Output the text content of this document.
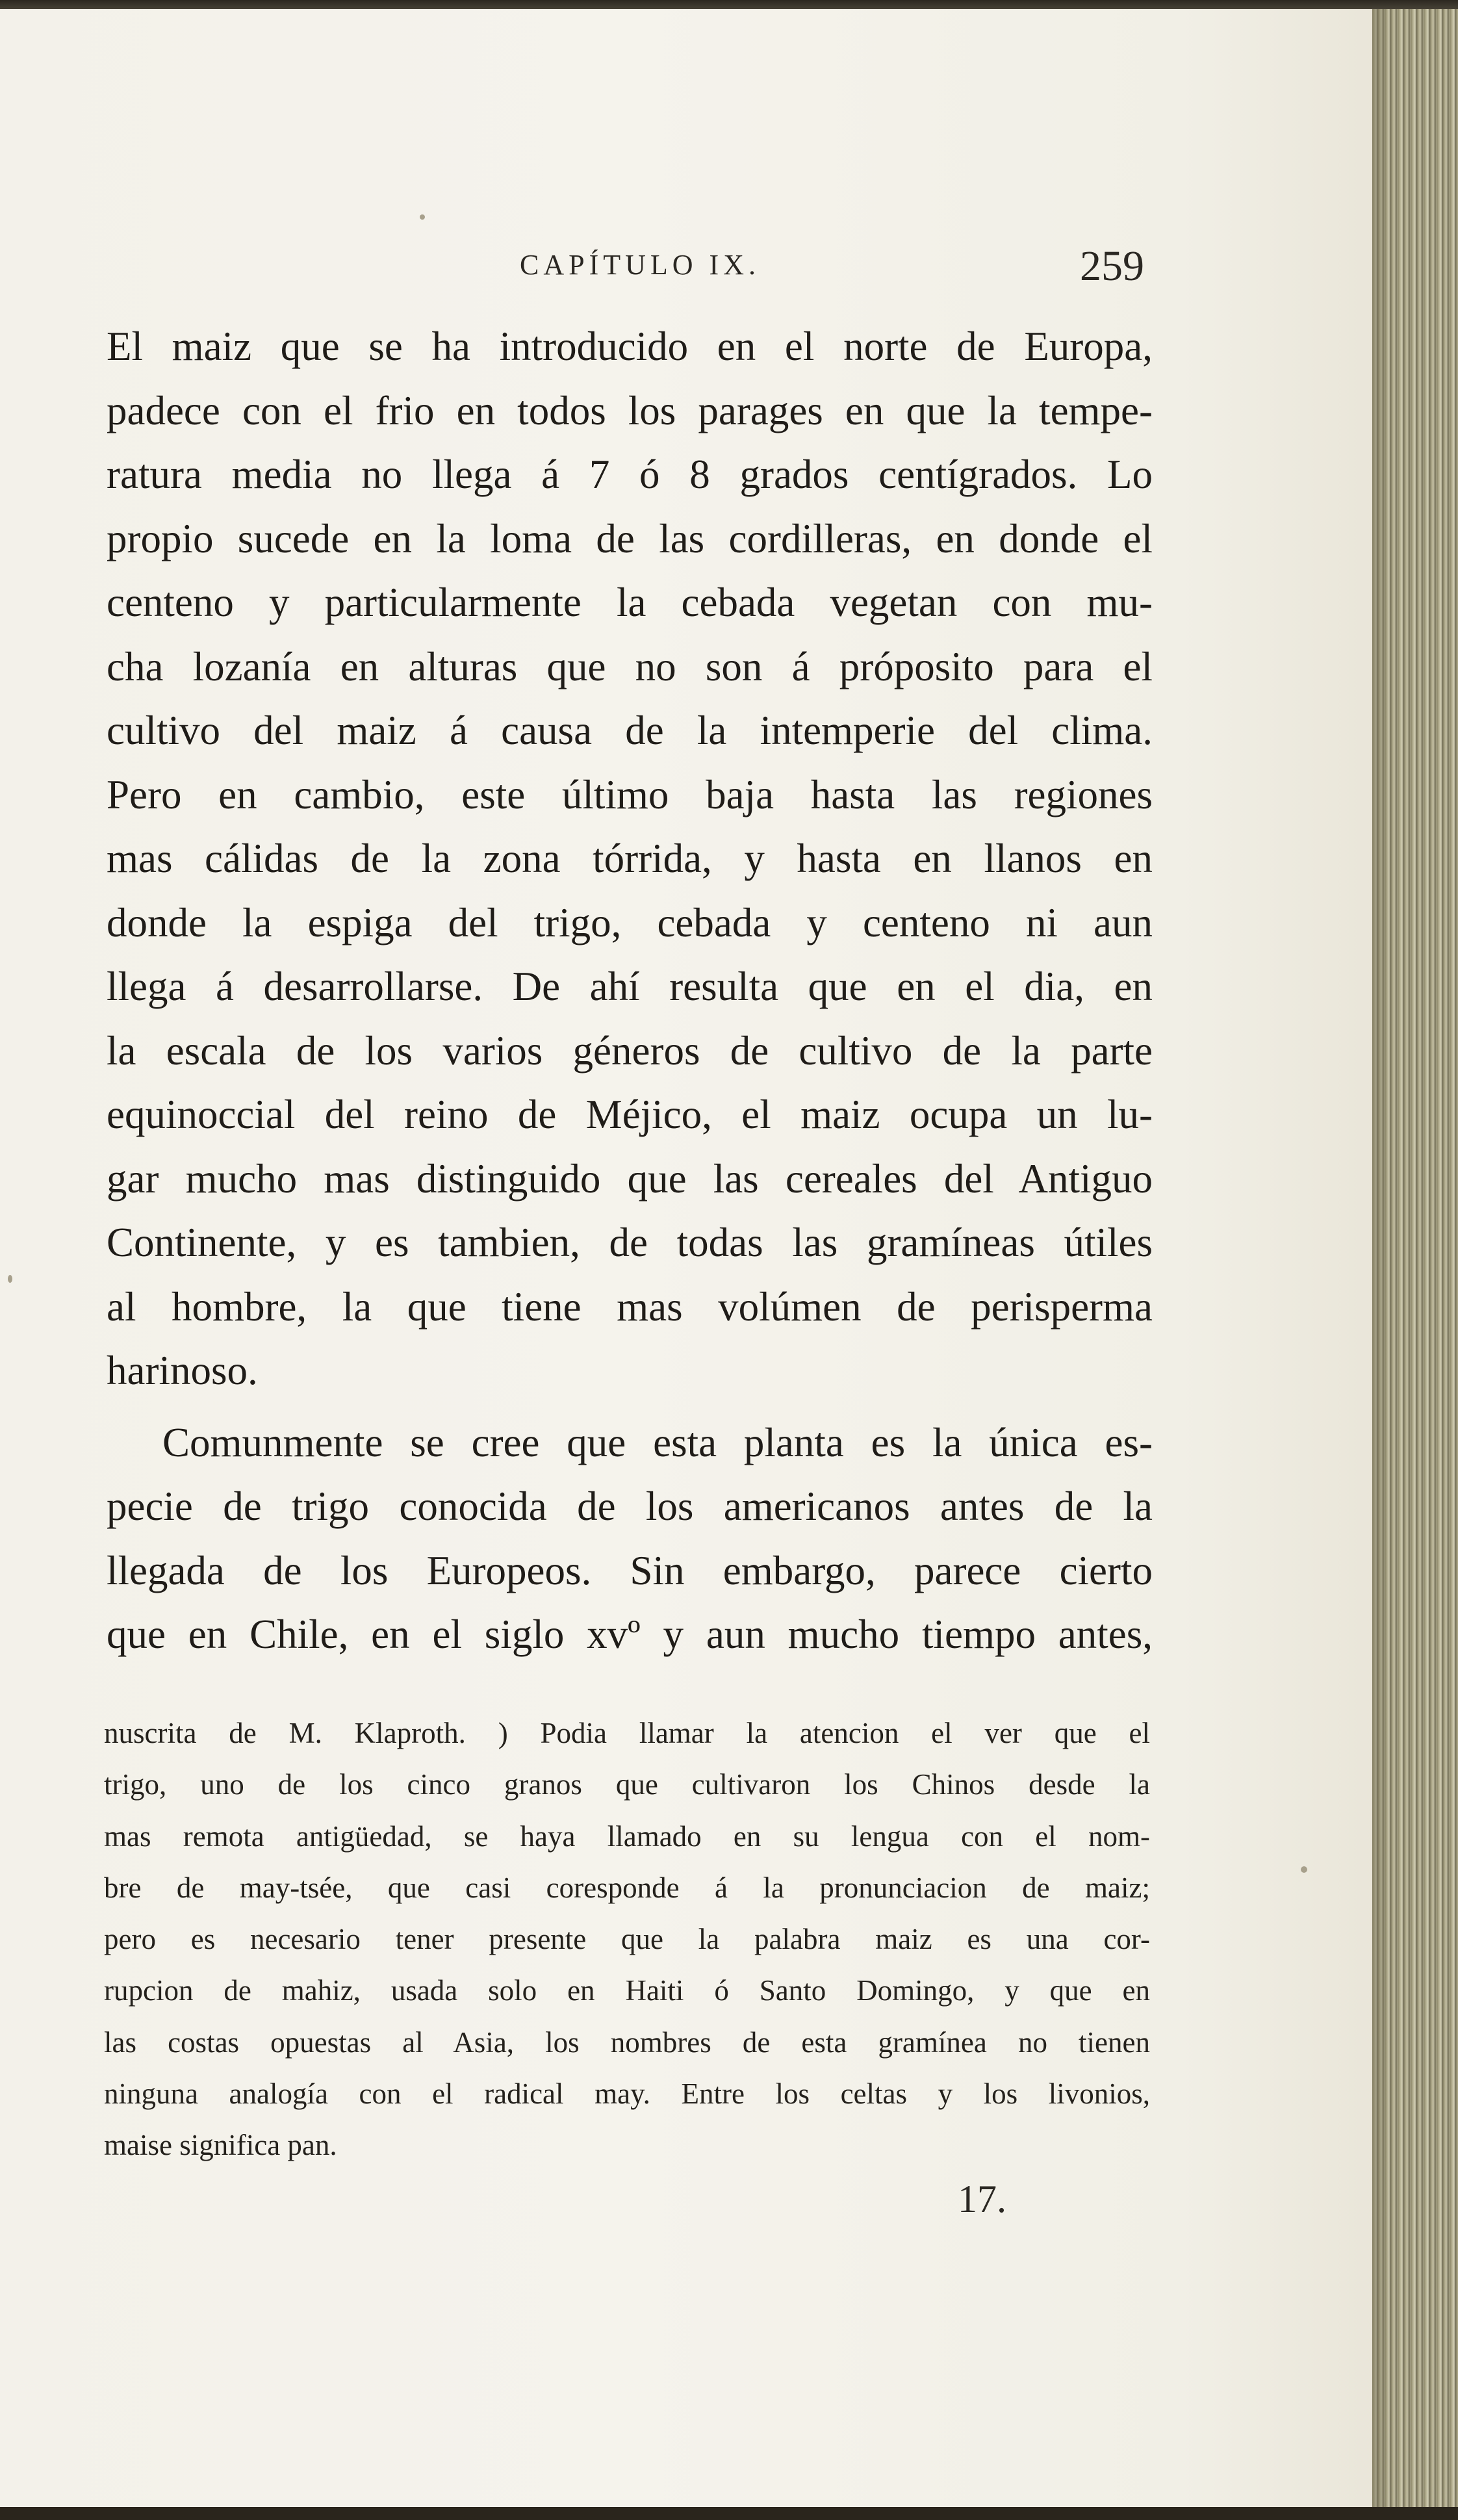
CAPÍTULO IX.	259
El maiz que se ha introducido en el norte de Europa,
padece con el frio en todos los parages en que la tempe-
ratura media no llega á 7 ó 8 grados centígrados. Lo
propio sucede en la loma de las cordilleras, en donde el
centeno y particularmente la cebada vegetan con mu-
cha lozanía en alturas que no son á próposito para el
cultivo del maiz á causa de la intemperie del clima.
Pero en cambio, este último baja hasta las regiones
mas cálidas de la zona tórrida, y hasta en llanos en
donde la espiga del trigo, cebada y centeno ni aun
llega á desarrollarse. De ahí resulta que en el dia, en
la escala de los varios géneros de cultivo de la parte
equinoccial del reino de Méjico, el maiz ocupa un lu-
gar mucho mas distinguido que las cereales del Antiguo
Continente, y es tambien, de todas las gramíneas útiles
al hombre, la que tiene mas volúmen de perisperma
harinoso.
Comunmente se cree que esta planta es la única es-
pecie de trigo conocida de los americanos antes de la
llegada de los Europeos. Sin embargo, parece cierto
que en Chile, en el siglo xvº y aun mucho tiempo antes,
nuscrita de M. Klaproth. ) Podia llamar la atencion el ver que el
trigo, uno de los cinco granos que cultivaron los Chinos desde la
mas remota antigüedad, se haya llamado en su lengua con el nom-
bre de may-tsée, que casi coresponde á la pronunciacion de maiz;
pero es necesario tener presente que la palabra maiz es una cor-
rupcion de mahiz, usada solo en Haiti ó Santo Domingo, y que en
las costas opuestas al Asia, los nombres de esta gramínea no tienen
ninguna analogía con el radical may. Entre los celtas y los livonios,
maise significa pan.
17.
